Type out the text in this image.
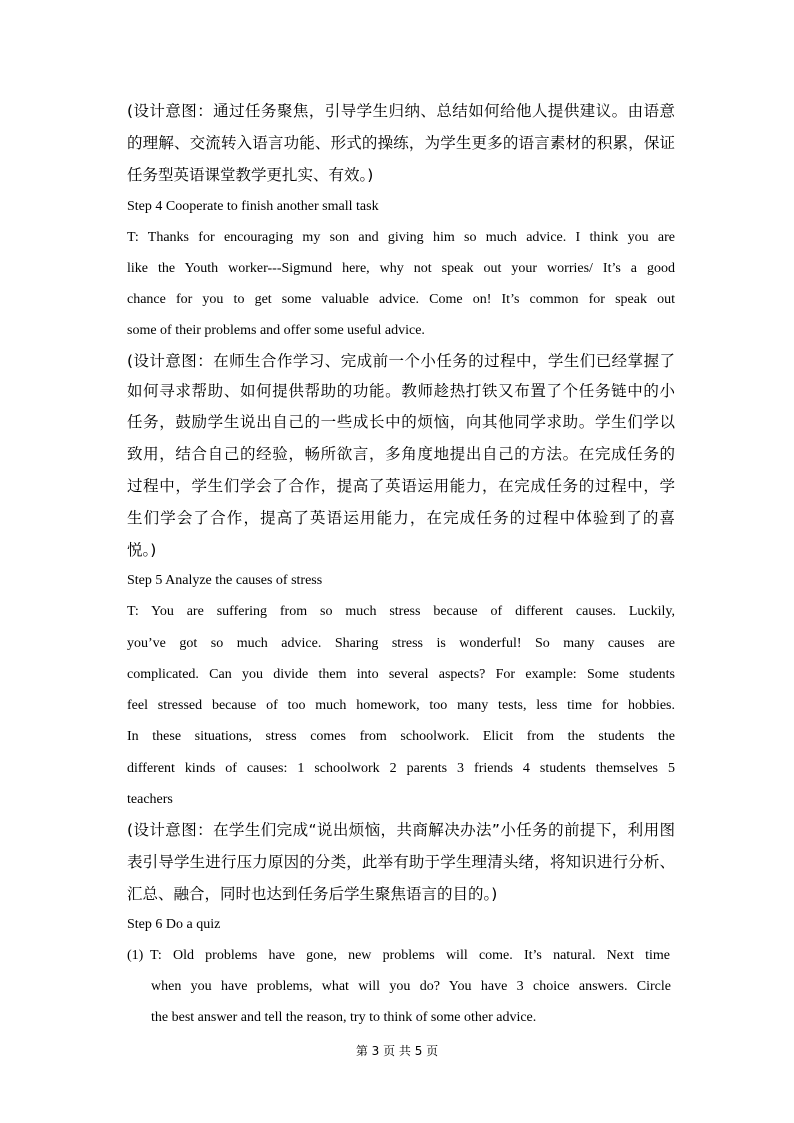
(设计意图：通过任务聚焦，引导学生归纳、总结如何给他人提供建议。由语意
的理解、交流转入语言功能、形式的操练，为学生更多的语言素材的积累，保证
任务型英语课堂教学更扎实、有效。)
Step 4 Cooperate to finish another small task
T: Thanks for encouraging my son and giving him so much advice. I think you are
like the Youth worker---Sigmund here, why not speak out your worries/ It’s a good
chance for you to get some valuable advice. Come on! It’s common for speak out
some of their problems and offer some useful advice.
(设计意图：在师生合作学习、完成前一个小任务的过程中，学生们已经掌握了
如何寻求帮助、如何提供帮助的功能。教师趁热打铁又布置了个任务链中的小
任务，鼓励学生说出自己的一些成长中的烦恼，向其他同学求助。学生们学以
致用，结合自己的经验，畅所欲言，多角度地提出自己的方法。在完成任务的
过程中，学生们学会了合作，提高了英语运用能力，在完成任务的过程中，学
生们学会了合作，提高了英语运用能力，在完成任务的过程中体验到了的喜
悦。)
Step 5 Analyze the causes of stress
T: You are suffering from so much stress because of different causes. Luckily,
you’ve got so much advice. Sharing stress is wonderful! So many causes are
complicated. Can you divide them into several aspects? For example: Some students
feel stressed because of too much homework, too many tests, less time for hobbies.
In these situations, stress comes from schoolwork. Elicit from the students the
different kinds of causes: 1 schoolwork 2 parents 3 friends 4 students themselves 5
teachers
(设计意图：在学生们完成“说出烦恼，共商解决办法”小任务的前提下，利用图
表引导学生进行压力原因的分类，此举有助于学生理清头绪，将知识进行分析、
汇总、融合，同时也达到任务后学生聚焦语言的目的。)
Step 6 Do a quiz
(1) T: Old problems have gone, new problems will come. It’s natural. Next time
when you have problems, what will you do? You have 3 choice answers. Circle
the best answer and tell the reason, try to think of some other advice.
第 3 页 共 5 页
